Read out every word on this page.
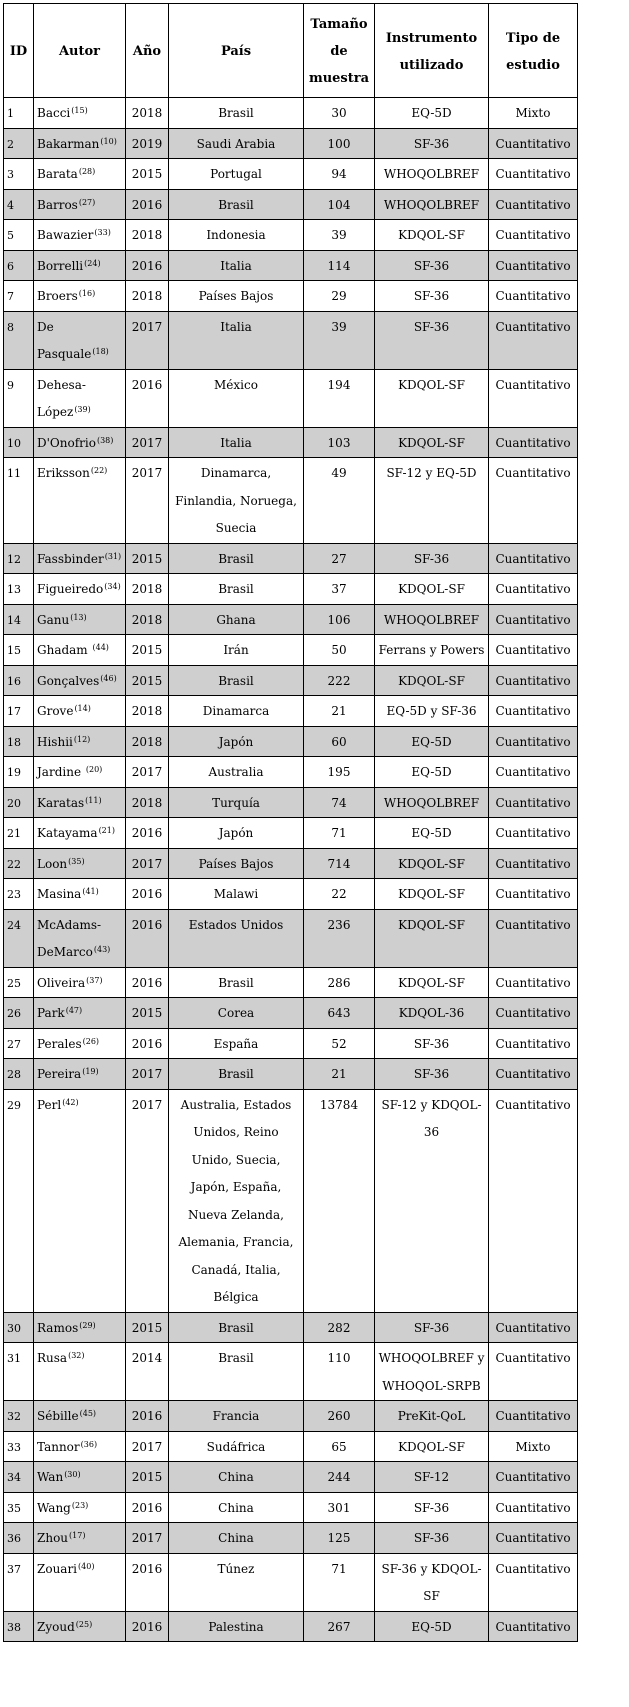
ID	Autor	Año	País	Tamaño de muestra	Instrumento utilizado	Tipo de estudio
1	Bacci$^{(15)}$	2018	Brasil	30	EQ-5D	Mixto
2	Bakarman$^{(10)}$	2019	Saudi Arabia	100	SF-36	Cuantitativo
3	Barata$^{(28)}$	2015	Portugal	94	WHOQOLBREF	Cuantitativo
4	Barros$^{(27)}$	2016	Brasil	104	WHOQOLBREF	Cuantitativo
5	Bawazier$^{(33)}$	2018	Indonesia	39	KDQOL-SF	Cuantitativo
6	Borrelli$^{(24)}$	2016	Italia	114	SF-36	Cuantitativo
7	Broers$^{(16)}$	2018	Países Bajos	29	SF-36	Cuantitativo
8	De Pasquale$^{(18)}$	2017	Italia	39	SF-36	Cuantitativo
9	Dehesa-López$^{(39)}$	2016	México	194	KDQOL-SF	Cuantitativo
10	D'Onofrio$^{(38)}$	2017	Italia	103	KDQOL-SF	Cuantitativo
11	Eriksson$^{(22)}$	2017	Dinamarca, Finlandia, Noruega, Suecia	49	SF-12 y EQ-5D	Cuantitativo
12	Fassbinder$^{(31)}$	2015	Brasil	27	SF-36	Cuantitativo
13	Figueiredo$^{(34)}$	2018	Brasil	37	KDQOL-SF	Cuantitativo
14	Ganu$^{(13)}$	2018	Ghana	106	WHOQOLBREF	Cuantitativo
15	Ghadam $^{(44)}$	2015	Irán	50	Ferrans y Powers	Cuantitativo
16	Gonçalves$^{(46)}$	2015	Brasil	222	KDQOL-SF	Cuantitativo
17	Grove$^{(14)}$	2018	Dinamarca	21	EQ-5D y SF-36	Cuantitativo
18	Hishii$^{(12)}$	2018	Japón	60	EQ-5D	Cuantitativo
19	Jardine $^{(20)}$	2017	Australia	195	EQ-5D	Cuantitativo
20	Karatas$^{(11)}$	2018	Turquía	74	WHOQOLBREF	Cuantitativo
21	Katayama$^{(21)}$	2016	Japón	71	EQ-5D	Cuantitativo
22	Loon$^{(35)}$	2017	Países Bajos	714	KDQOL-SF	Cuantitativo
23	Masina$^{(41)}$	2016	Malawi	22	KDQOL-SF	Cuantitativo
24	McAdams-DeMarco$^{(43)}$	2016	Estados Unidos	236	KDQOL-SF	Cuantitativo
25	Oliveira$^{(37)}$	2016	Brasil	286	KDQOL-SF	Cuantitativo
26	Park$^{(47)}$	2015	Corea	643	KDQOL-36	Cuantitativo
27	Perales$^{(26)}$	2016	España	52	SF-36	Cuantitativo
28	Pereira$^{(19)}$	2017	Brasil	21	SF-36	Cuantitativo
29	Perl$^{(42)}$	2017	Australia, Estados Unidos, Reino Unido, Suecia, Japón, España, Nueva Zelanda, Alemania, Francia, Canadá, Italia, Bélgica	13784	SF-12 y KDQOL-36	Cuantitativo
30	Ramos$^{(29)}$	2015	Brasil	282	SF-36	Cuantitativo
31	Rusa$^{(32)}$	2014	Brasil	110	WHOQOLBREF y WHOQOL-SRPB	Cuantitativo
32	Sébille$^{(45)}$	2016	Francia	260	PreKit-QoL	Cuantitativo
33	Tannor$^{(36)}$	2017	Sudáfrica	65	KDQOL-SF	Mixto
34	Wan$^{(30)}$	2015	China	244	SF-12	Cuantitativo
35	Wang$^{(23)}$	2016	China	301	SF-36	Cuantitativo
36	Zhou$^{(17)}$	2017	China	125	SF-36	Cuantitativo
37	Zouari$^{(40)}$	2016	Túnez	71	SF-36 y KDQOL-SF	Cuantitativo
38	Zyoud$^{(25)}$	2016	Palestina	267	EQ-5D	Cuantitativo
